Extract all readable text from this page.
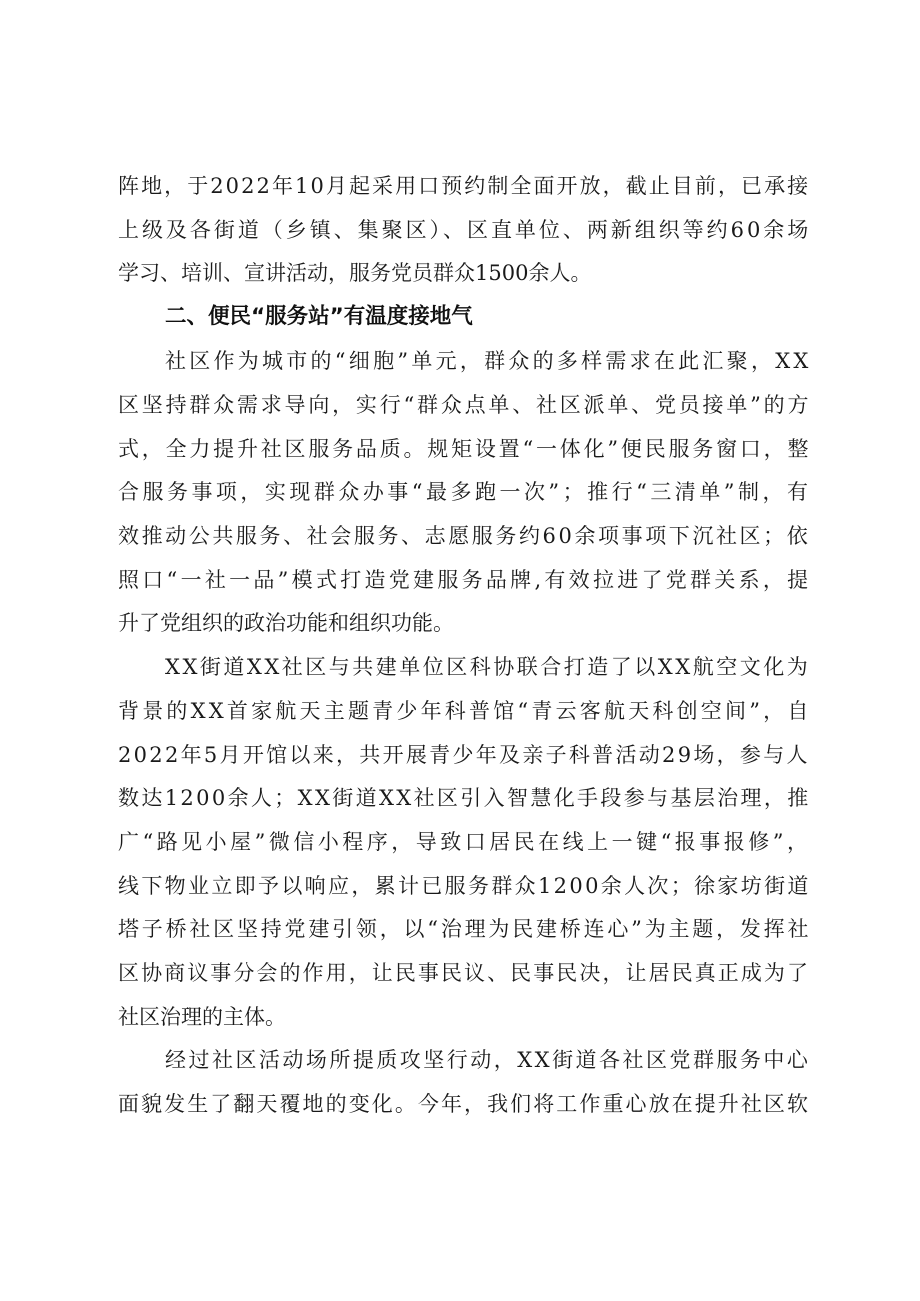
阵地，于2022年10月起采用口预约制全面开放，截止目前，已承接
上级及各街道（乡镇、集聚区）、区直单位、两新组织等约60余场
学习、培训、宣讲活动，服务党员群众1500余人。
二、便民“服务站”有温度接地气
社区作为城市的“细胞”单元，群众的多样需求在此汇聚，XX
区坚持群众需求导向，实行“群众点单、社区派单、党员接单”的方
式，全力提升社区服务品质。规矩设置“一体化”便民服务窗口，整
合服务事项，实现群众办事“最多跑一次”；推行“三清单”制，有
效推动公共服务、社会服务、志愿服务约60余项事项下沉社区；依
照口“一社一品”模式打造党建服务品牌,有效拉进了党群关系，提
升了党组织的政治功能和组织功能。
XX街道XX社区与共建单位区科协联合打造了以XX航空文化为
背景的XX首家航天主题青少年科普馆“青云客航天科创空间”，自
2022年5月开馆以来，共开展青少年及亲子科普活动29场，参与人
数达1200余人；XX街道XX社区引入智慧化手段参与基层治理，推
广“路见小屋”微信小程序，导致口居民在线上一键“报事报修”，
线下物业立即予以响应，累计已服务群众1200余人次；徐家坊街道
塔子桥社区坚持党建引领，以“治理为民建桥连心”为主题，发挥社
区协商议事分会的作用，让民事民议、民事民决，让居民真正成为了
社区治理的主体。
经过社区活动场所提质攻坚行动，XX街道各社区党群服务中心
面貌发生了翻天覆地的变化。今年，我们将工作重心放在提升社区软
